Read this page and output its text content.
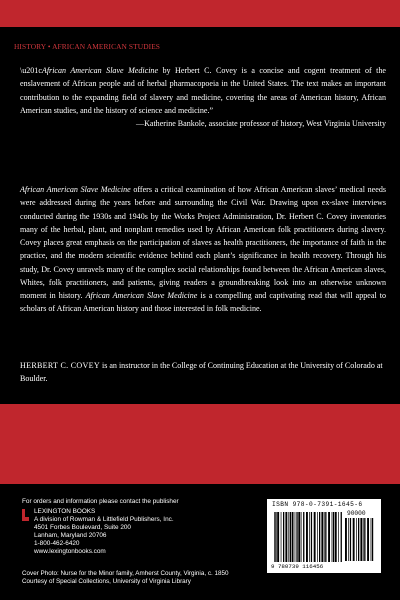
HISTORY • AFRICAN AMERICAN STUDIES
\u201cAfrican American Slave Medicine by Herbert C. Covey is a concise and cogent treatment of the enslavement of African people and of herbal pharmacopoeia in the United States. The text makes an important contribution to the expanding field of slavery and medicine, covering the areas of American history, African American studies, and the history of science and medicine.”
—Katherine Bankole, associate professor of history, West Virginia University
African American Slave Medicine offers a critical examination of how African American slaves’ medical needs were addressed during the years before and surrounding the Civil War. Drawing upon ex-slave interviews conducted during the 1930s and 1940s by the Works Project Administration, Dr. Herbert C. Covey inventories many of the herbal, plant, and nonplant remedies used by African American folk practitioners during slavery. Covey places great emphasis on the participation of slaves as health practitioners, the importance of faith in the practice, and the modern scientific evidence behind each plant’s significance in health recovery. Through his study, Dr. Covey unravels many of the complex social relationships found between the African American slaves, Whites, folk practitioners, and patients, giving readers a groundbreaking look into an otherwise unknown moment in history. African American Slave Medicine is a compelling and captivating read that will appeal to scholars of African American history and those interested in folk medicine.
HERBERT C. COVEY is an instructor in the College of Continuing Education at the University of Colorado at Boulder.
For orders and information please contact the publisher
LEXINGTON BOOKS
A division of Rowman & Littlefield Publishers, Inc.
4501 Forbes Boulevard, Suite 200
Lanham, Maryland 20706
1-800-462-6420
www.lexingtonbooks.com
Cover Photo: Nurse for the Minor family, Amherst County, Virginia, c. 1850
Courtesy of Special Collections, University of Virginia Library
ISBN 978-0-7391-1645-6
90000
9 780739 116456
